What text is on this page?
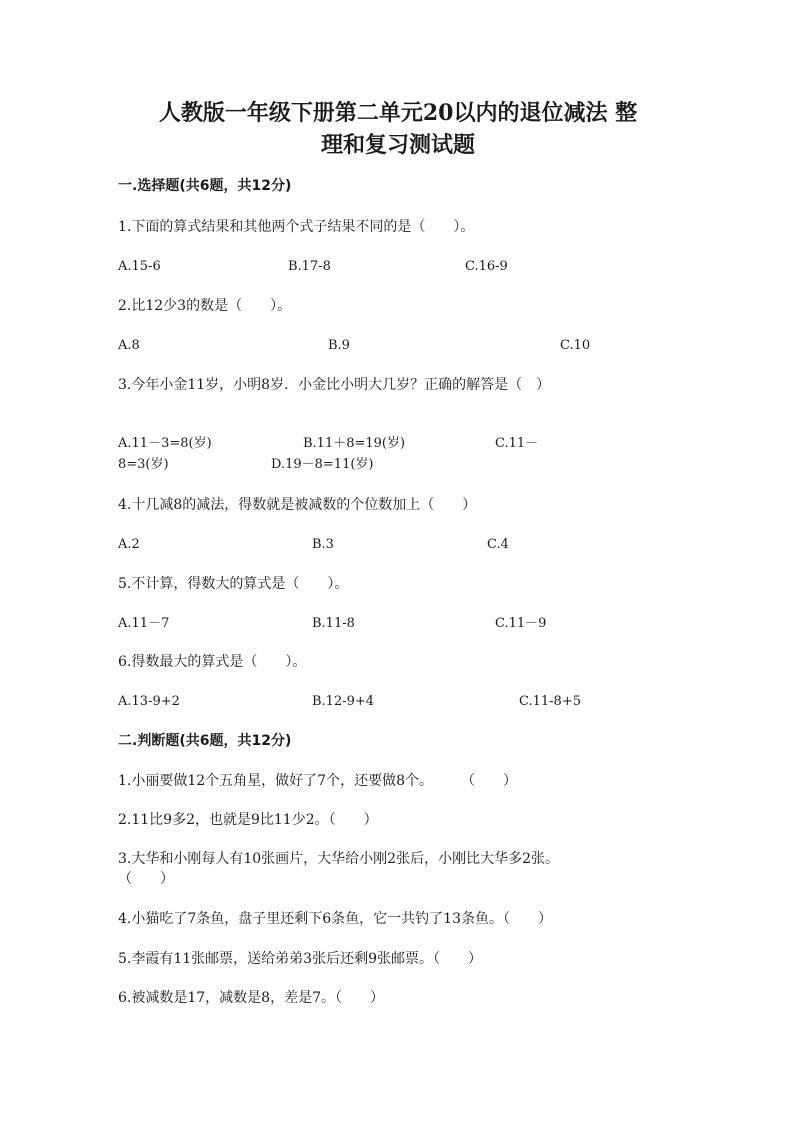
人教版一年级下册第二单元20以内的退位减法 整
理和复习测试题
一.选择题(共6题，共12分)
1.下面的算式结果和其他两个式子结果不同的是（　　）。
A.15-6	B.17-8	C.16-9
2.比12少3的数是（　　）。
A.8	B.9	C.10
3.今年小金11岁，小明8岁．小金比小明大几岁？正确的解答是（　）
A.11－3=8(岁)	B.11＋8=19(岁)	C.11－
8=3(岁)	D.19－8=11(岁)
4.十几减8的减法，得数就是被减数的个位数加上（　　）
A.2	B.3	C.4
5.不计算，得数大的算式是（　　）。
A.11－7	B.11-8	C.11－9
6.得数最大的算式是（　　）。
A.13-9+2	B.12-9+4	C.11-8+5
二.判断题(共6题，共12分)
1.小丽要做12个五角星，做好了7个，还要做8个。　　　（　　）
2.11比9多2，也就是9比11少2。（　　）
3.大华和小刚每人有10张画片，大华给小刚2张后，小刚比大华多2张。
（　　）
4.小猫吃了7条鱼，盘子里还剩下6条鱼，它一共钓了13条鱼。（　　）
5.李霞有11张邮票，送给弟弟3张后还剩9张邮票。（　　）
6.被减数是17，减数是8，差是7。（　　）
